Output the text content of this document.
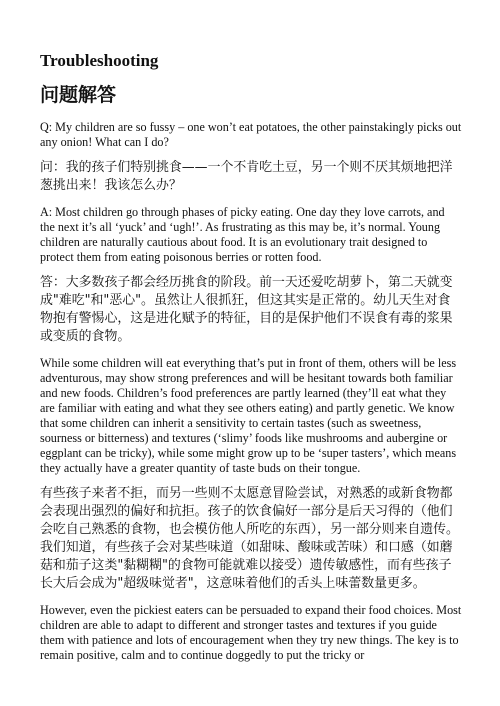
Troubleshooting
问题解答

Q: My children are so fussy – one won’t eat potatoes, the other painstakingly picks out any onion! What can I do?

问：我的孩子们特别挑食——一个不肯吃土豆，另一个则不厌其烦地把洋葱挑出来！我该怎么办？

A: Most children go through phases of picky eating. One day they love carrots, and the next it’s all ‘yuck’ and ‘ugh!’. As frustrating as this may be, it’s normal. Young children are naturally cautious about food. It is an evolutionary trait designed to protect them from eating poisonous berries or rotten food.

答：大多数孩子都会经历挑食的阶段。前一天还爱吃胡萝卜，第二天就变成"难吃"和"恶心"。虽然让人很抓狂，但这其实是正常的。幼儿天生对食物抱有警惕心，这是进化赋予的特征，目的是保护他们不误食有毒的浆果或变质的食物。

While some children will eat everything that’s put in front of them, others will be less adventurous, may show strong preferences and will be hesitant towards both familiar and new foods. Children’s food preferences are partly learned (they’ll eat what they are familiar with eating and what they see others eating) and partly genetic. We know that some children can inherit a sensitivity to certain tastes (such as sweetness, sourness or bitterness) and textures (‘slimy’ foods like mushrooms and aubergine or eggplant can be tricky), while some might grow up to be ‘super tasters’, which means they actually have a greater quantity of taste buds on their tongue.

有些孩子来者不拒，而另一些则不太愿意冒险尝试，对熟悉的或新食物都会表现出强烈的偏好和抗拒。孩子的饮食偏好一部分是后天习得的（他们会吃自己熟悉的食物，也会模仿他人所吃的东西），另一部分则来自遗传。我们知道，有些孩子会对某些味道（如甜味、酸味或苦味）和口感（如蘑菇和茄子这类"黏糊糊"的食物可能就难以接受）遗传敏感性，而有些孩子长大后会成为"超级味觉者"，这意味着他们的舌头上味蕾数量更多。

However, even the pickiest eaters can be persuaded to expand their food choices. Most children are able to adapt to different and stronger tastes and textures if you guide them with patience and lots of encouragement when they try new things. The key is to remain positive, calm and to continue doggedly to put the tricky or
